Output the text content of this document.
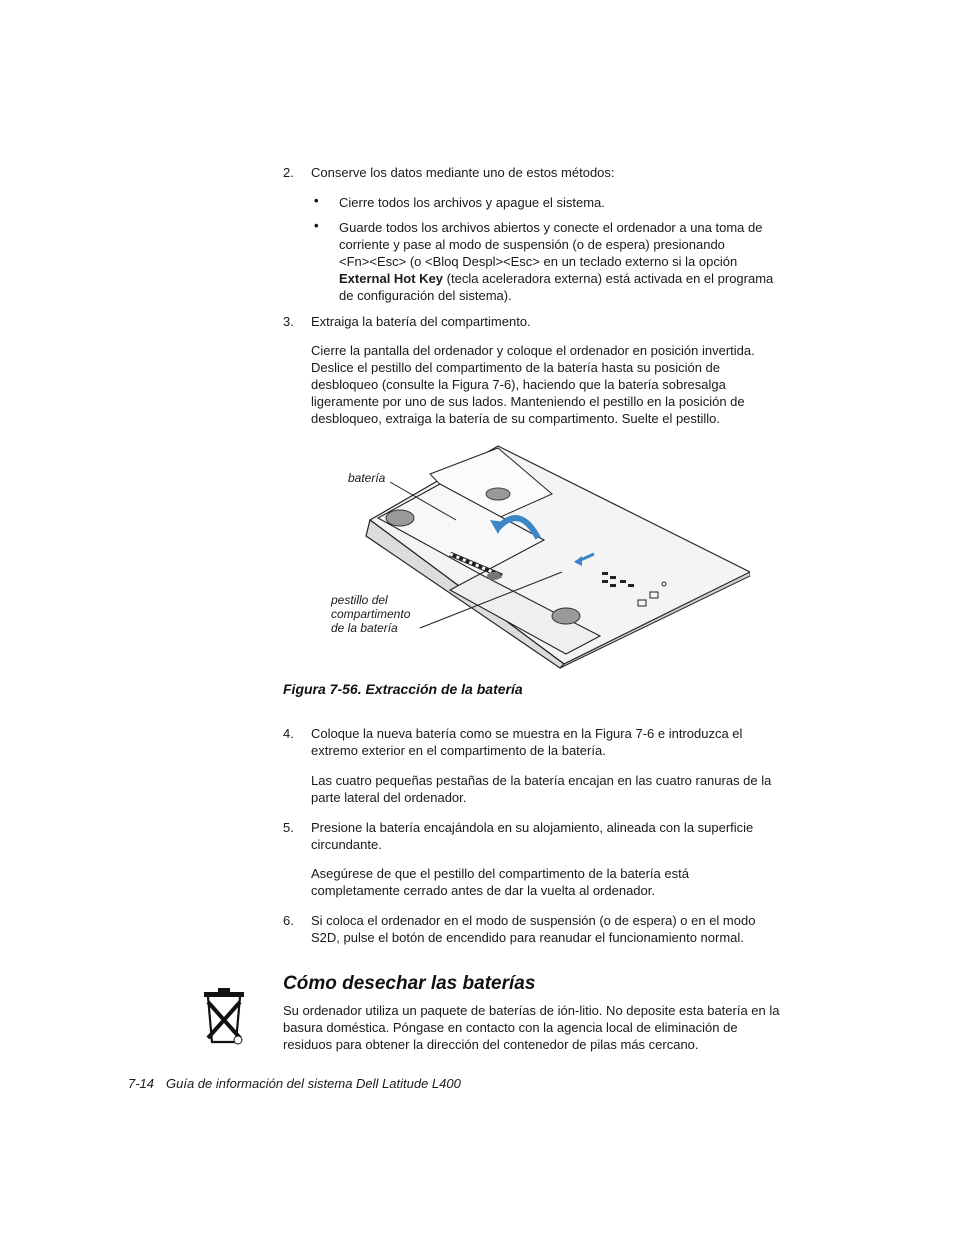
2. Conserve los datos mediante uno de estos métodos:
• Cierre todos los archivos y apague el sistema.
• Guarde todos los archivos abiertos y conecte el ordenador a una toma de
corriente y pase al modo de suspensión (o de espera) presionando
<Fn><Esc> (o <Bloq Despl><Esc> en un teclado externo si la opción
External Hot Key (tecla aceleradora externa) está activada en el programa
de configuración del sistema).
3. Extraiga la batería del compartimento.
Cierre la pantalla del ordenador y coloque el ordenador en posición invertida.
Deslice el pestillo del compartimento de la batería hasta su posición de
desbloqueo (consulte la Figura 7-6), haciendo que la batería sobresalga
ligeramente por uno de sus lados. Manteniendo el pestillo en la posición de
desbloqueo, extraiga la batería de su compartimento. Suelte el pestillo.
batería
pestillo del
compartimento
de la batería
Figura 7-56. Extracción de la batería
4. Coloque la nueva batería como se muestra en la Figura 7-6 e introduzca el
extremo exterior en el compartimento de la batería.
Las cuatro pequeñas pestañas de la batería encajan en las cuatro ranuras de la
parte lateral del ordenador.
5. Presione la batería encajándola en su alojamiento, alineada con la superficie
circundante.
Asegúrese de que el pestillo del compartimento de la batería está
completamente cerrado antes de dar la vuelta al ordenador.
6. Si coloca el ordenador en el modo de suspensión (o de espera) o en el modo
S2D, pulse el botón de encendido para reanudar el funcionamiento normal.
Cómo desechar las baterías
Su ordenador utiliza un paquete de baterías de ión-litio. No deposite esta batería en la
basura doméstica. Póngase en contacto con la agencia local de eliminación de
residuos para obtener la dirección del contenedor de pilas más cercano.
7-14 Guía de información del sistema Dell Latitude L400
